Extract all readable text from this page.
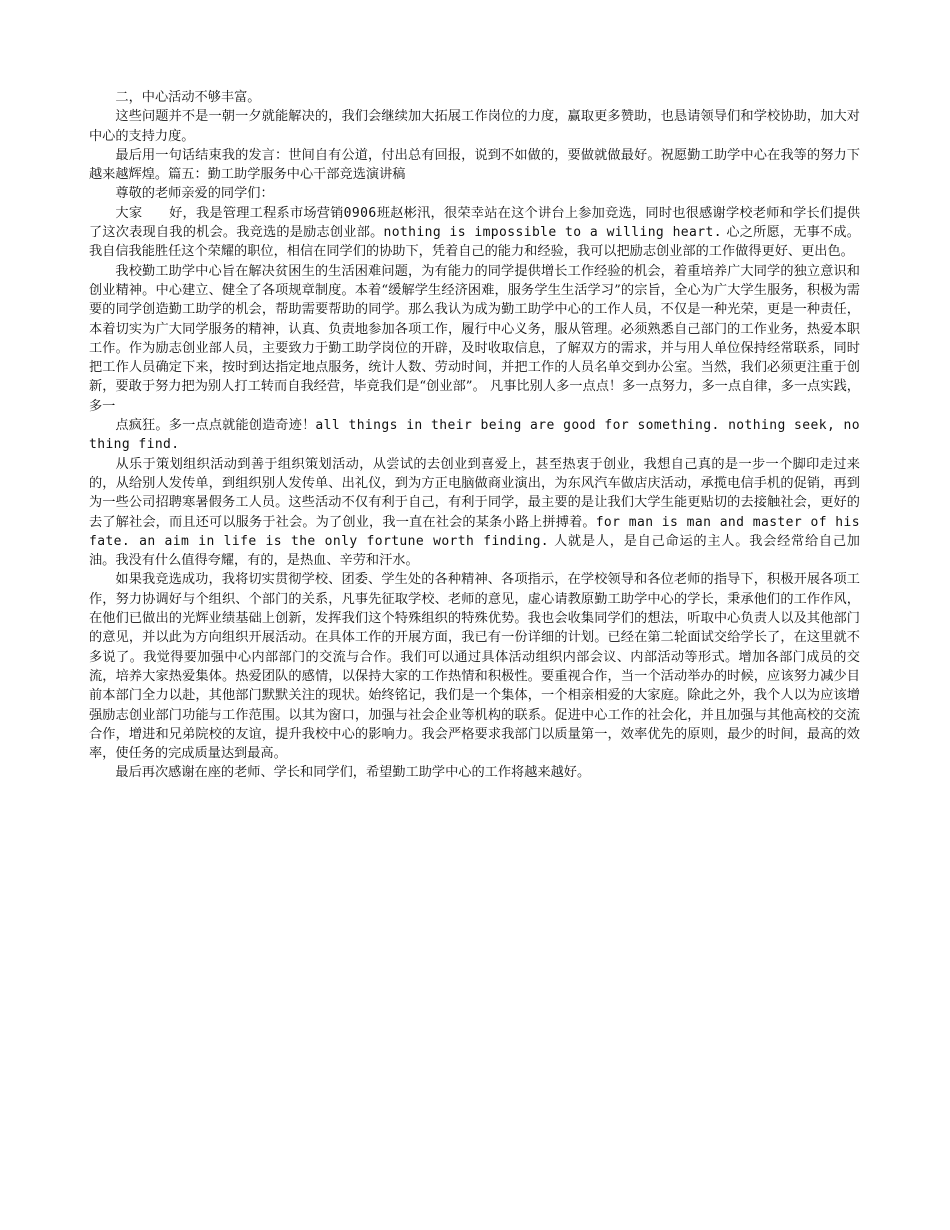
二，中心活动不够丰富。

这些问题并不是一朝一夕就能解决的，我们会继续加大拓展工作岗位的力度，赢取更多赞助，也恳请领导们和学校协助，加大对中心的支持力度。

最后用一句话结束我的发言：世间自有公道，付出总有回报，说到不如做的，要做就做最好。祝愿勤工助学中心在我等的努力下越来越辉煌。篇五：勤工助学服务中心干部竞选演讲稿

尊敬的老师亲爱的同学们：

大家　　好，我是管理工程系市场营销0906班赵彬汛，很荣幸站在这个讲台上参加竞选，同时也很感谢学校老师和学长们提供了这次表现自我的机会。我竞选的是励志创业部。nothing is impossible to a willing heart. 心之所愿，无事不成。我自信我能胜任这个荣耀的职位，相信在同学们的协助下，凭着自己的能力和经验，我可以把励志创业部的工作做得更好、更出色。

我校勤工助学中心旨在解决贫困生的生活困难问题，为有能力的同学提供增长工作经验的机会，着重培养广大同学的独立意识和创业精神。中心建立、健全了各项规章制度。本着“缓解学生经济困难，服务学生生活学习”的宗旨，全心为广大学生服务，积极为需要的同学创造勤工助学的机会，帮助需要帮助的同学。那么我认为成为勤工助学中心的工作人员，不仅是一种光荣，更是一种责任，本着切实为广大同学服务的精神，认真、负责地参加各项工作，履行中心义务，服从管理。必须熟悉自己部门的工作业务，热爱本职工作。作为励志创业部人员，主要致力于勤工助学岗位的开辟，及时收取信息，了解双方的需求，并与用人单位保持经常联系，同时把工作人员确定下来，按时到达指定地点服务，统计人数、劳动时间，并把工作的人员名单交到办公室。当然，我们必须更注重于创新，要敢于努力把为别人打工转而自我经营，毕竟我们是“创业部”。 凡事比别人多一点点！多一点努力，多一点自律，多一点实践，多一

点疯狂。多一点点就能创造奇迹！all things in their being are good for something. nothing seek, nothing find.

从乐于策划组织活动到善于组织策划活动，从尝试的去创业到喜爱上，甚至热衷于创业，我想自己真的是一步一个脚印走过来的，从给别人发传单，到组织别人发传单、出礼仪，到为方正电脑做商业演出，为东风汽车做店庆活动，承揽电信手机的促销，再到为一些公司招聘寒暑假务工人员。这些活动不仅有利于自己，有利于同学，最主要的是让我们大学生能更贴切的去接触社会，更好的去了解社会，而且还可以服务于社会。为了创业，我一直在社会的某条小路上拼搏着。for man is man and master of his fate. an aim in life is the only fortune worth finding. 人就是人，是自己命运的主人。我会经常给自己加油。我没有什么值得夸耀，有的，是热血、辛劳和汗水。

如果我竞选成功，我将切实贯彻学校、团委、学生处的各种精神、各项指示，在学校领导和各位老师的指导下，积极开展各项工作，努力协调好与个组织、个部门的关系，凡事先征取学校、老师的意见，虚心请教原勤工助学中心的学长，秉承他们的工作作风，在他们已做出的光辉业绩基础上创新，发挥我们这个特殊组织的特殊优势。我也会收集同学们的想法，听取中心负责人以及其他部门的意见，并以此为方向组织开展活动。在具体工作的开展方面，我已有一份详细的计划。已经在第二轮面试交给学长了，在这里就不多说了。我觉得要加强中心内部部门的交流与合作。我们可以通过具体活动组织内部会议、内部活动等形式。增加各部门成员的交流，培养大家热爱集体。热爱团队的感情，以保持大家的工作热情和积极性。要重视合作，当一个活动举办的时候，应该努力减少目前本部门全力以赴，其他部门默默关注的现状。始终铭记，我们是一个集体，一个相亲相爱的大家庭。除此之外，我个人以为应该增强励志创业部门功能与工作范围。以其为窗口，加强与社会企业等机构的联系。促进中心工作的社会化，并且加强与其他高校的交流合作，增进和兄弟院校的友谊，提升我校中心的影响力。我会严格要求我部门以质量第一，效率优先的原则，最少的时间，最高的效率，使任务的完成质量达到最高。

最后再次感谢在座的老师、学长和同学们，希望勤工助学中心的工作将越来越好。
